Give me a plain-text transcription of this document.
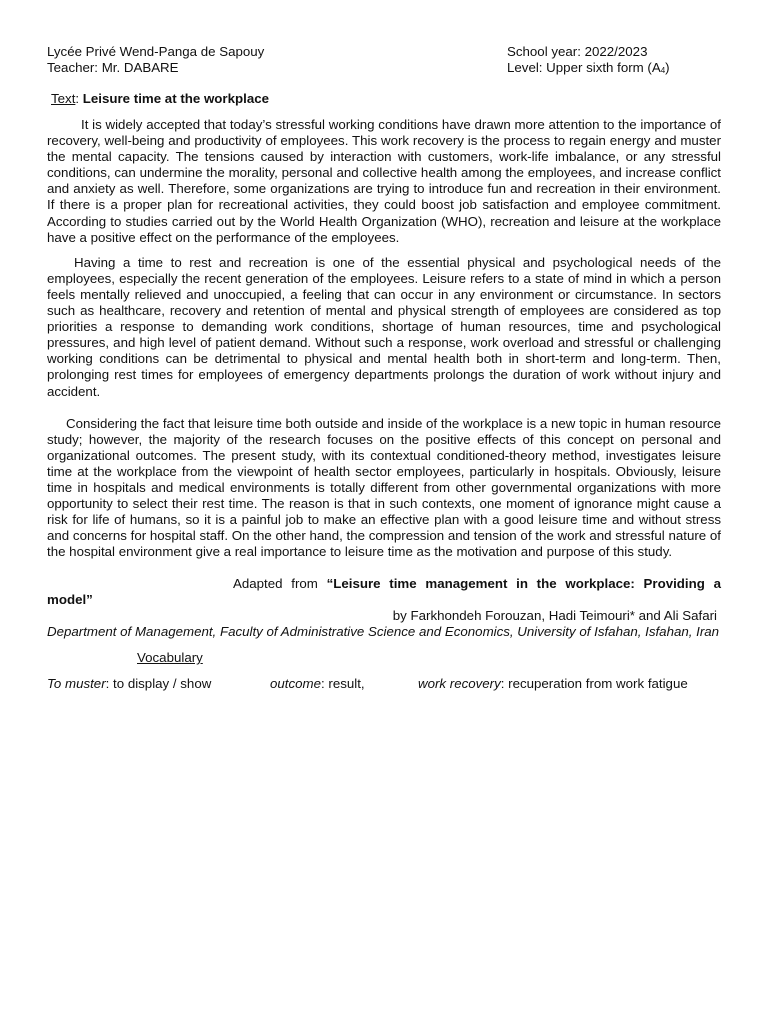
Lycée Privé Wend-Panga de Sapouy
Teacher: Mr. DABARE
School year: 2022/2023
Level: Upper sixth form (A4)
Text: Leisure time at the workplace

It is widely accepted that today’s stressful working conditions have drawn more attention to the importance of recovery, well-being and productivity of employees. This work recovery is the process to regain energy and muster the mental capacity. The tensions caused by interaction with customers, work-life imbalance, or any stressful conditions, can undermine the morality, personal and collective health among the employees, and increase conflict and anxiety as well. Therefore, some organizations are trying to introduce fun and recreation in their environment. If there is a proper plan for recreational activities, they could boost job satisfaction and employee commitment. According to studies carried out by the World Health Organization (WHO), recreation and leisure at the workplace have a positive effect on the performance of the employees.

Having a time to rest and recreation is one of the essential physical and psychological needs of the employees, especially the recent generation of the employees. Leisure refers to a state of mind in which a person feels mentally relieved and unoccupied, a feeling that can occur in any environment or circumstance. In sectors such as healthcare, recovery and retention of mental and physical strength of employees are considered as top priorities a response to demanding work conditions, shortage of human resources, time and psychological pressures, and high level of patient demand. Without such a response, work overload and stressful or challenging working conditions can be detrimental to physical and mental health both in short-term and long-term. Then, prolonging rest times for employees of emergency departments prolongs the duration of work without injury and accident.

Considering the fact that leisure time both outside and inside of the workplace is a new topic in human resource study; however, the majority of the research focuses on the positive effects of this concept on personal and organizational outcomes. The present study, with its contextual conditioned-theory method, investigates leisure time at the workplace from the viewpoint of health sector employees, particularly in hospitals. Obviously, leisure time in hospitals and medical environments is totally different from other governmental organizations with more opportunity to select their rest time. The reason is that in such contexts, one moment of ignorance might cause a risk for life of humans, so it is a painful job to make an effective plan with a good leisure time and without stress and concerns for hospital staff. On the other hand, the compression and tension of the work and stressful nature of the hospital environment give a real importance to leisure time as the motivation and purpose of this study.

Adapted from “Leisure time management in the workplace: Providing a
model”
by Farkhondeh Forouzan, Hadi Teimouri* and Ali Safari
Department of Management, Faculty of Administrative Science and Economics, University of Isfahan, Isfahan, Iran
Vocabulary
To muster: to display / show	outcome: result,	work recovery: recuperation from work fatigue
